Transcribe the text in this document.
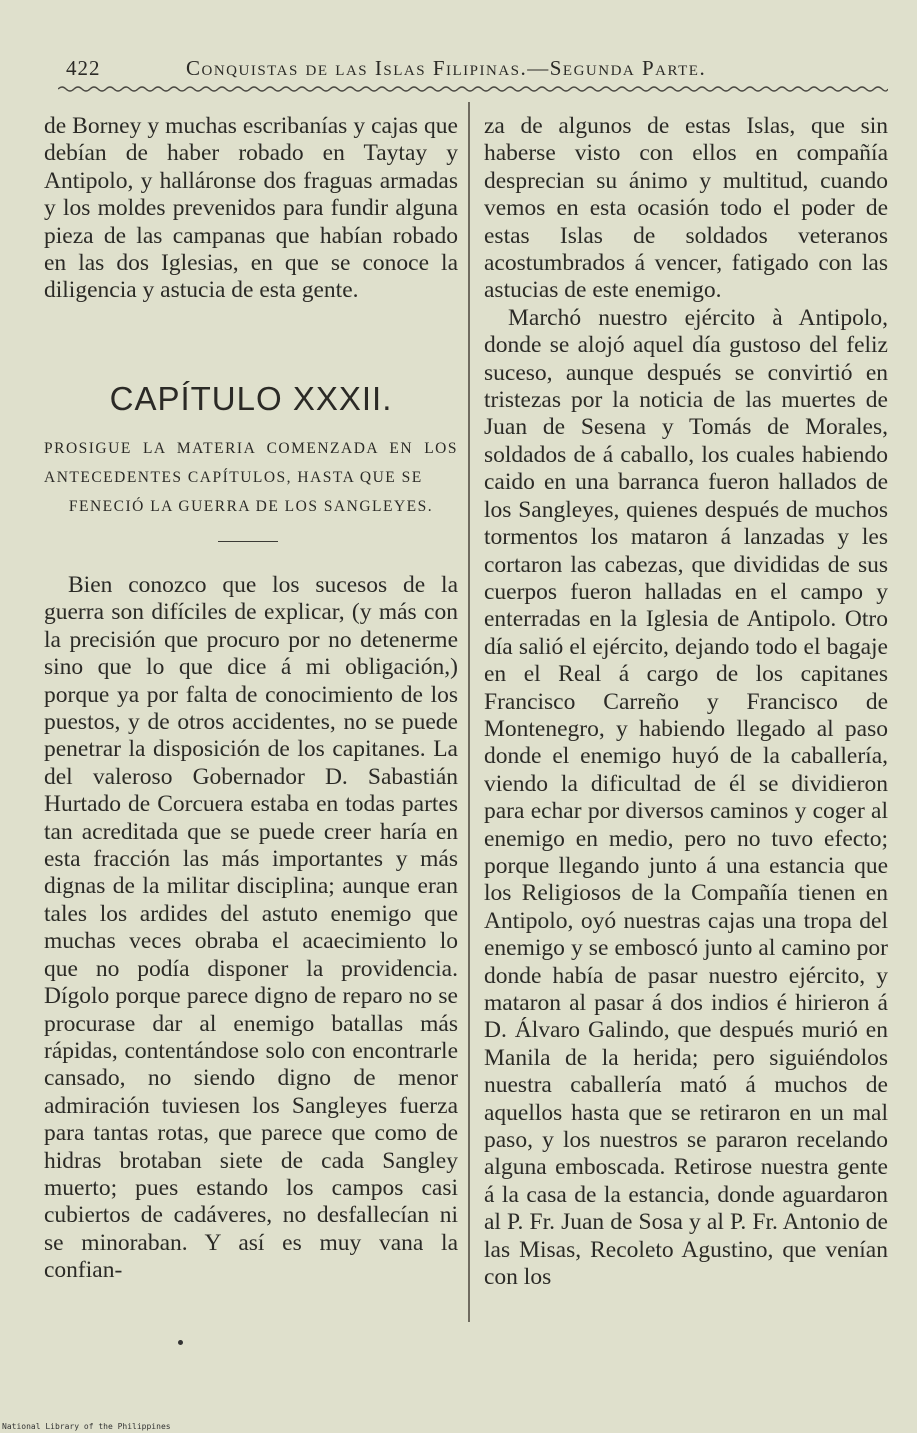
422	Conquistas de las Islas Filipinas.—Segunda Parte.

de Borney y muchas escribanías y cajas que debían de haber robado en Taytay y Antipolo, y halláronse dos fraguas armadas y los moldes prevenidos para fundir alguna pieza de las campanas que habían robado en las dos Iglesias, en que se conoce la diligencia y astucia de esta gente.

CAPÍTULO XXXII.
PROSIGUE LA MATERIA COMENZADA EN LOS ANTECEDENTES CAPÍTULOS, HASTA QUE SE
FENECIÓ LA GUERRA DE LOS SANGLEYES.

Bien conozco que los sucesos de la guerra son difíciles de explicar, (y más con la precisión que procuro por no detenerme sino que lo que dice á mi obligación,) porque ya por falta de conocimiento de los puestos, y de otros accidentes, no se puede penetrar la disposición de los capitanes. La del valeroso Gobernador D. Sabastián Hurtado de Corcuera estaba en todas partes tan acreditada que se puede creer haría en esta fracción las más importantes y más dignas de la militar disciplina; aunque eran tales los ardides del astuto enemigo que muchas veces obraba el acaecimiento lo que no podía disponer la providencia. Dígolo porque parece digno de reparo no se procurase dar al enemigo batallas más rápidas, contentándose solo con encontrarle cansado, no siendo digno de menor admiración tuviesen los Sangleyes fuerza para tantas rotas, que parece que como de hidras brotaban siete de cada Sangley muerto; pues estando los campos casi cubiertos de cadáveres, no desfallecían ni se minoraban. Y así es muy vana la confian-

za de algunos de estas Islas, que sin haberse visto con ellos en compañía desprecian su ánimo y multitud, cuando vemos en esta ocasión todo el poder de estas Islas de soldados veteranos acostumbrados á vencer, fatigado con las astucias de este enemigo.

Marchó nuestro ejército à Antipolo, donde se alojó aquel día gustoso del feliz suceso, aunque después se convirtió en tristezas por la noticia de las muertes de Juan de Sesena y Tomás de Morales, soldados de á caballo, los cuales habiendo caido en una barranca fueron hallados de los Sangleyes, quienes después de muchos tormentos los mataron á lanzadas y les cortaron las cabezas, que divididas de sus cuerpos fueron halladas en el campo y enterradas en la Iglesia de Antipolo. Otro día salió el ejército, dejando todo el bagaje en el Real á cargo de los capitanes Francisco Carreño y Francisco de Montenegro, y habiendo llegado al paso donde el enemigo huyó de la caballería, viendo la dificultad de él se dividieron para echar por diversos caminos y coger al enemigo en medio, pero no tuvo efecto; porque llegando junto á una estancia que los Religiosos de la Compañía tienen en Antipolo, oyó nuestras cajas una tropa del enemigo y se emboscó junto al camino por donde había de pasar nuestro ejército, y mataron al pasar á dos indios é hirieron á D. Álvaro Galindo, que después murió en Manila de la herida; pero siguiéndolos nuestra caballería mató á muchos de aquellos hasta que se retiraron en un mal paso, y los nuestros se pararon recelando alguna emboscada. Retirose nuestra gente á la casa de la estancia, donde aguardaron al P. Fr. Juan de Sosa y al P. Fr. Antonio de las Misas, Recoleto Agustino, que venían con los

National Library of the Philippines
